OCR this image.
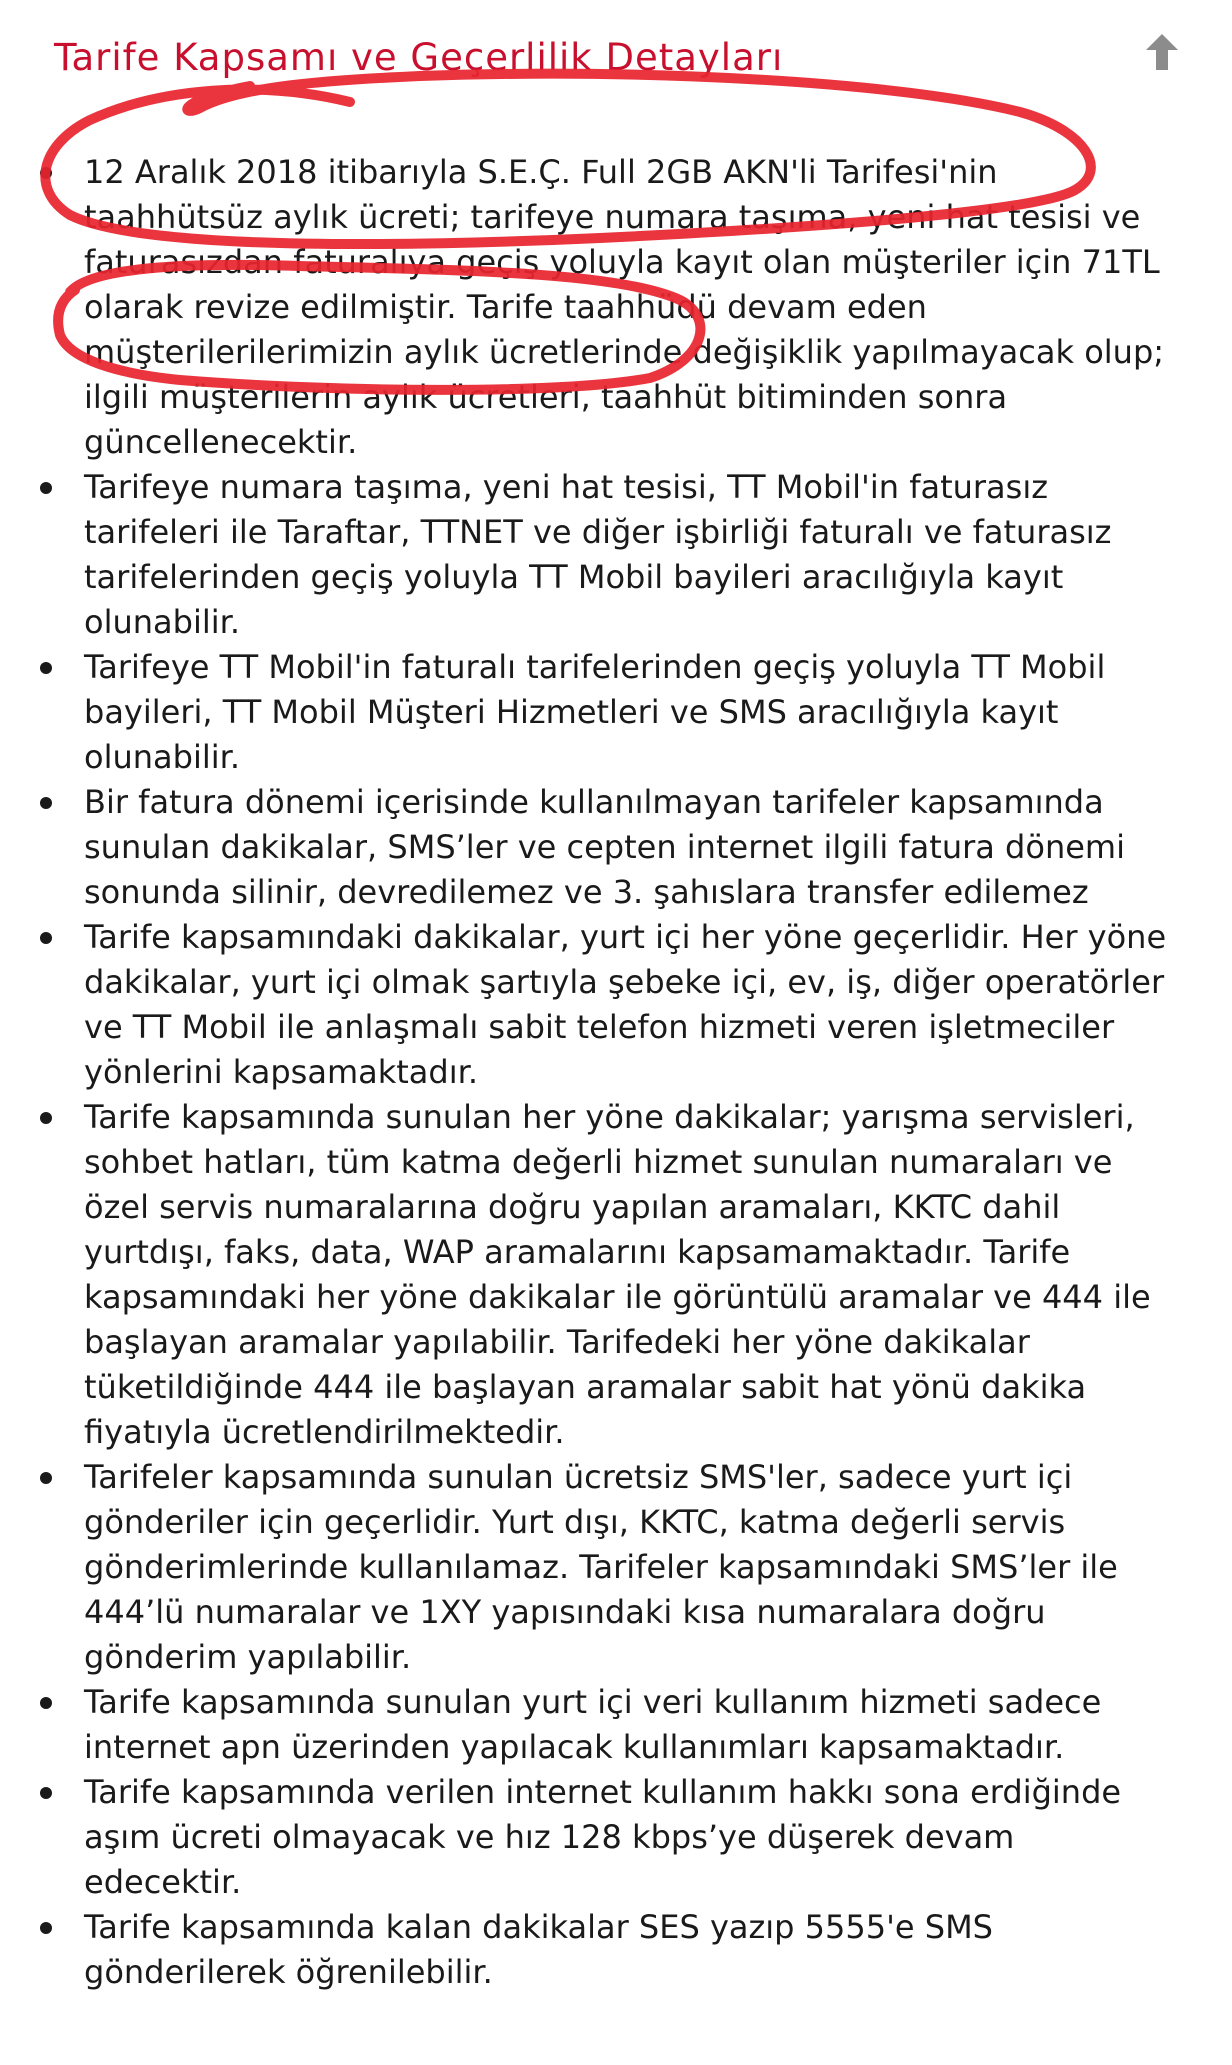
Tarife Kapsamı ve Geçerlilik Detayları
12 Aralık 2018 itibarıyla S.E.Ç. Full 2GB AKN'li Tarifesi'nin taahhütsüz aylık ücreti; tarifeye numara taşıma, yeni hat tesisi ve faturasızdan faturalıya geçiş yoluyla kayıt olan müşteriler için 71TL olarak revize edilmiştir. Tarife taahhüdü devam eden müşterilerilerimizin aylık ücretlerinde değişiklik yapılmayacak olup; ilgili müşterilerin aylık ücretleri, taahhüt bitiminden sonra güncellenecektir.
Tarifeye numara taşıma, yeni hat tesisi, TT Mobil'in faturasız tarifeleri ile Taraftar, TTNET ve diğer işbirliği faturalı ve faturasız tarifelerinden geçiş yoluyla TT Mobil bayileri aracılığıyla kayıt olunabilir.
Tarifeye TT Mobil'in faturalı tarifelerinden geçiş yoluyla TT Mobil bayileri, TT Mobil Müşteri Hizmetleri ve SMS aracılığıyla kayıt olunabilir.
Bir fatura dönemi içerisinde kullanılmayan tarifeler kapsamında sunulan dakikalar, SMS’ler ve cepten internet ilgili fatura dönemi sonunda silinir, devredilemez ve 3. şahıslara transfer edilemez
Tarife kapsamındaki dakikalar, yurt içi her yöne geçerlidir. Her yöne dakikalar, yurt içi olmak şartıyla şebeke içi, ev, iş, diğer operatörler ve TT Mobil ile anlaşmalı sabit telefon hizmeti veren işletmeciler yönlerini kapsamaktadır.
Tarife kapsamında sunulan her yöne dakikalar; yarışma servisleri, sohbet hatları, tüm katma değerli hizmet sunulan numaraları ve özel servis numaralarına doğru yapılan aramaları, KKTC dahil yurtdışı, faks, data, WAP aramalarını kapsamamaktadır. Tarife kapsamındaki her yöne dakikalar ile görüntülü aramalar ve 444 ile başlayan aramalar yapılabilir. Tarifedeki her yöne dakikalar tüketildiğinde 444 ile başlayan aramalar sabit hat yönü dakika fiyatıyla ücretlendirilmektedir.
Tarifeler kapsamında sunulan ücretsiz SMS'ler, sadece yurt içi gönderiler için geçerlidir. Yurt dışı, KKTC, katma değerli servis gönderimlerinde kullanılamaz. Tarifeler kapsamındaki SMS’ler ile 444’lü numaralar ve 1XY yapısındaki kısa numaralara doğru gönderim yapılabilir.
Tarife kapsamında sunulan yurt içi veri kullanım hizmeti sadece internet apn üzerinden yapılacak kullanımları kapsamaktadır.
Tarife kapsamında verilen internet kullanım hakkı sona erdiğinde aşım ücreti olmayacak ve hız 128 kbps’ye düşerek devam edecektir.
Tarife kapsamında kalan dakikalar SES yazıp 5555'e SMS gönderilerek öğrenilebilir.
